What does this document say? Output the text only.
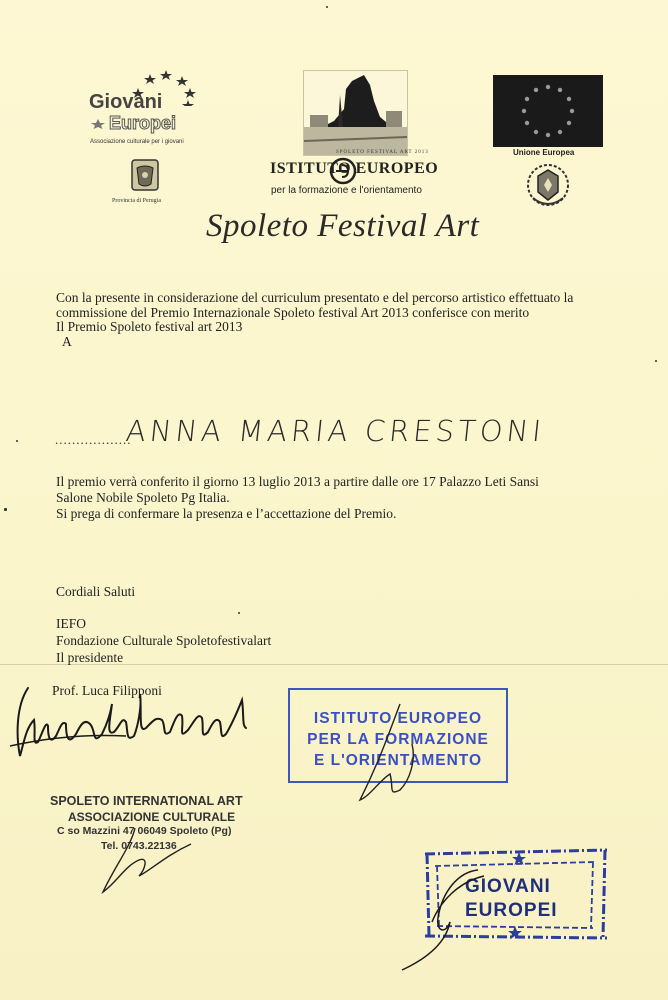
Giovani
Europei
Associazione culturale per i giovani
Provincia di Perugia
SPOLETO FESTIVAL ART 2013
ISTITUTO EUROPEO
per la formazione e l'orientamento
Unione Europea
Spoleto Festival Art
Con la presente in considerazione del curriculum presentato e del percorso artistico effettuato la
commissione del Premio Internazionale Spoleto festival Art 2013 conferisce con merito
Il Premio Spoleto festival art 2013
A
..................
ANNA MARIA CRESTONI
Il premio verrà conferito il giorno 13 luglio 2013 a partire dalle ore 17 Palazzo Leti Sansi
Salone Nobile Spoleto Pg Italia.
Si prega di confermare la presenza e l’accettazione del Premio.
Cordiali Saluti
IEFO
Fondazione Culturale Spoletofestivalart
Il presidente
Prof. Luca Filipponi
ISTITUTO EUROPEO
PER LA FORMAZIONE
E L'ORIENTAMENTO
SPOLETO INTERNATIONAL ART
ASSOCIAZIONE CULTURALE
C so Mazzini 47 06049 Spoleto (Pg)
Tel. 0743.22136
GIOVANI
EUROPEI
